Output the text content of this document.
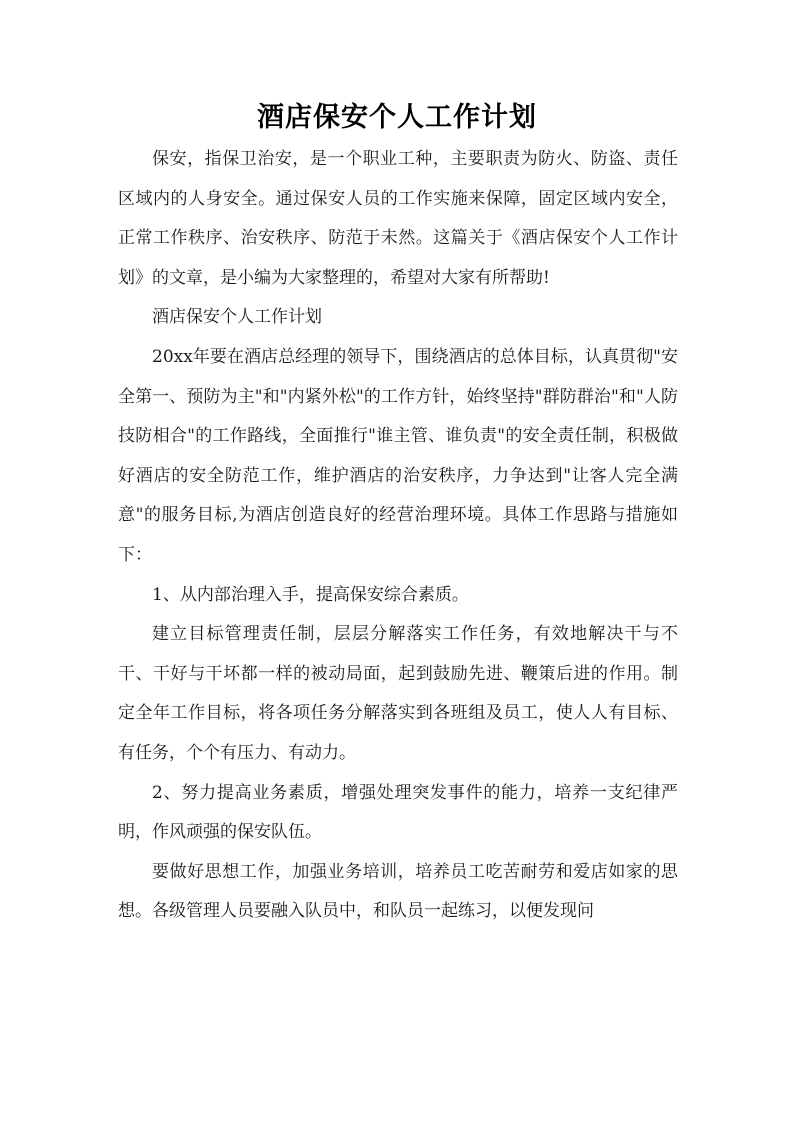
酒店保安个人工作计划

保安，指保卫治安，是一个职业工种，主要职责为防火、防盗、责任区域内的人身安全。通过保安人员的工作实施来保障，固定区域内安全，正常工作秩序、治安秩序、防范于未然。这篇关于《酒店保安个人工作计划》的文章，是小编为大家整理的，希望对大家有所帮助!

酒店保安个人工作计划

20xx年要在酒店总经理的领导下，围绕酒店的总体目标，认真贯彻"安全第一、预防为主"和"内紧外松"的工作方针，始终坚持"群防群治"和"人防技防相合"的工作路线，全面推行"谁主管、谁负责"的安全责任制，积极做好酒店的安全防范工作，维护酒店的治安秩序，力争达到"让客人完全满意"的服务目标,为酒店创造良好的经营治理环境。具体工作思路与措施如下：

1、从内部治理入手，提高保安综合素质。

建立目标管理责任制，层层分解落实工作任务，有效地解决干与不干、干好与干坏都一样的被动局面，起到鼓励先进、鞭策后进的作用。制定全年工作目标，将各项任务分解落实到各班组及员工，使人人有目标、有任务，个个有压力、有动力。

2、努力提高业务素质，增强处理突发事件的能力，培养一支纪律严明，作风顽强的保安队伍。

要做好思想工作，加强业务培训，培养员工吃苦耐劳和爱店如家的思想。各级管理人员要融入队员中，和队员一起练习，以便发现问
